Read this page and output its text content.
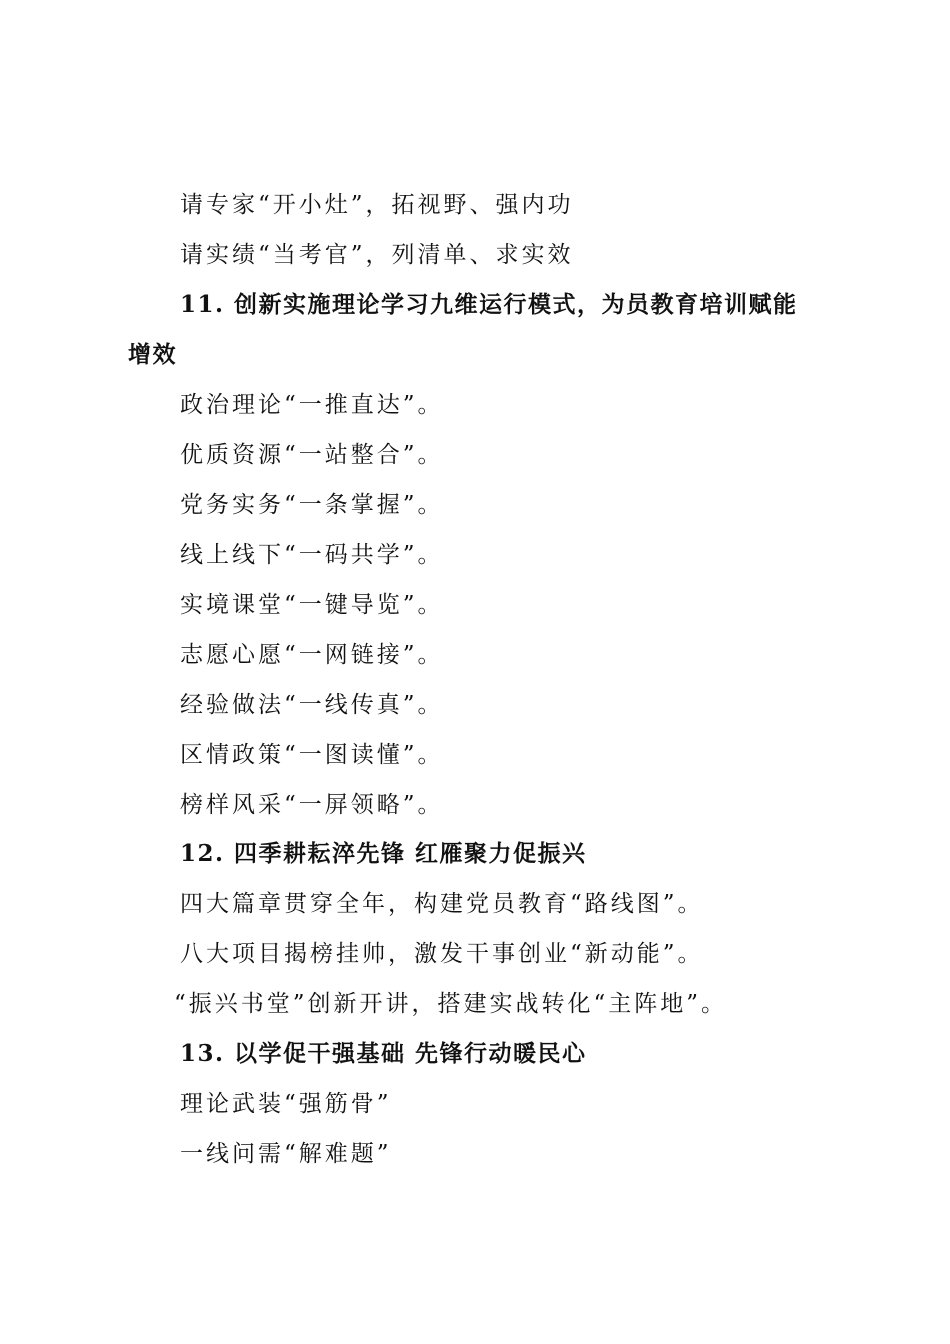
请专家“开小灶”，拓视野、强内功
请实绩“当考官”，列清单、求实效
11. 创新实施理论学习九维运行模式，为员教育培训赋能
增效
政治理论“一推直达”。
优质资源“一站整合”。
党务实务“一条掌握”。
线上线下“一码共学”。
实境课堂“一键导览”。
志愿心愿“一网链接”。
经验做法“一线传真”。
区情政策“一图读懂”。
榜样风采“一屏领略”。
12. 四季耕耘淬先锋 红雁聚力促振兴
四大篇章贯穿全年，构建党员教育“路线图”。
八大项目揭榜挂帅，激发干事创业“新动能”。
“振兴书堂”创新开讲，搭建实战转化“主阵地”。
13. 以学促干强基础 先锋行动暖民心
理论武装“强筋骨”
一线问需“解难题”
